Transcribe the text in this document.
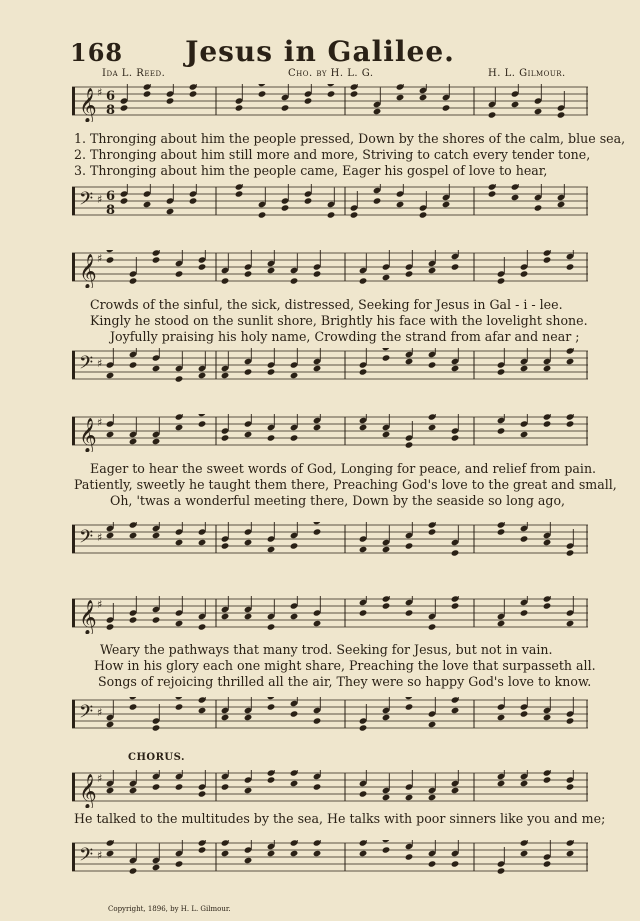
168	Jesus in Galilee.
Ida L. Reed.	Cho. by H. L. G.	H. L. Gilmour.
𝄞 ♯ 6
8
1. Thronging about him the people pressed, Down by the shores of the calm, blue sea,
2. Thronging about him still more and more, Striving to catch every tender tone,
3. Thronging about him the people came, Eager his gospel of love to hear,
𝄢 ♯ 6
8
𝄞 ♯
Crowds of the sinful, the sick, distressed, Seeking for Jesus in Gal - i - lee.
Kingly he stood on the sunlit shore, Brightly his face with the lovelight shone.
Joyfully praising his holy name, Crowding the strand from afar and near ;
𝄢 ♯
𝄞 ♯
Eager to hear the sweet words of God, Longing for peace, and relief from pain.
Patiently, sweetly he taught them there, Preaching God's love to the great and small,
Oh, 'twas a wonderful meeting there, Down by the seaside so long ago,
𝄢 ♯
𝄞 ♯
Weary the pathways that many trod. Seeking for Jesus, but not in vain.
How in his glory each one might share, Preaching the love that surpasseth all.
Songs of rejoicing thrilled all the air, They were so happy God's love to know.
𝄢 ♯
CHORUS.
𝄞 ♯
He talked to the multitudes by the sea, He talks with poor sinners like you and me;
𝄢 ♯
Copyright, 1896, by H. L. Gilmour.
